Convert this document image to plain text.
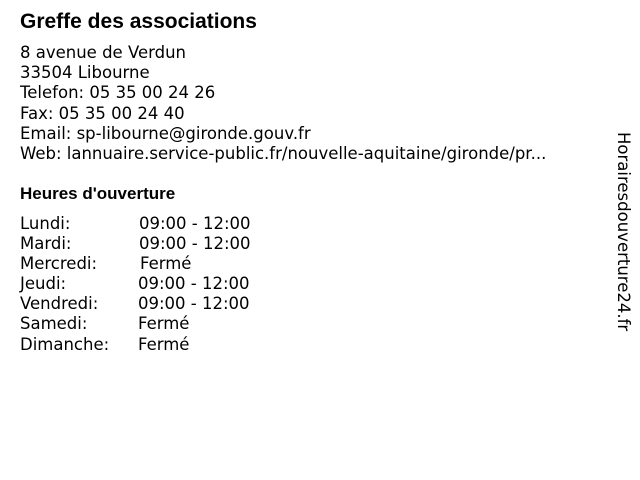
Greffe des associations
8 avenue de Verdun
33504 Libourne
Telefon: 05 35 00 24 26
Fax: 05 35 00 24 40
Email: sp-libourne@gironde.gouv.fr
Web: lannuaire.service-public.fr/nouvelle-aquitaine/gironde/pr...
Heures d'ouverture
Lundi:	09:00 - 12:00
Mardi:	09:00 - 12:00
Mercredi:	Fermé
Jeudi:	09:00 - 12:00
Vendredi: 09:00 - 12:00
Samedi:	Fermé
Dimanche: Fermé
Horairesdouverture24.fr
